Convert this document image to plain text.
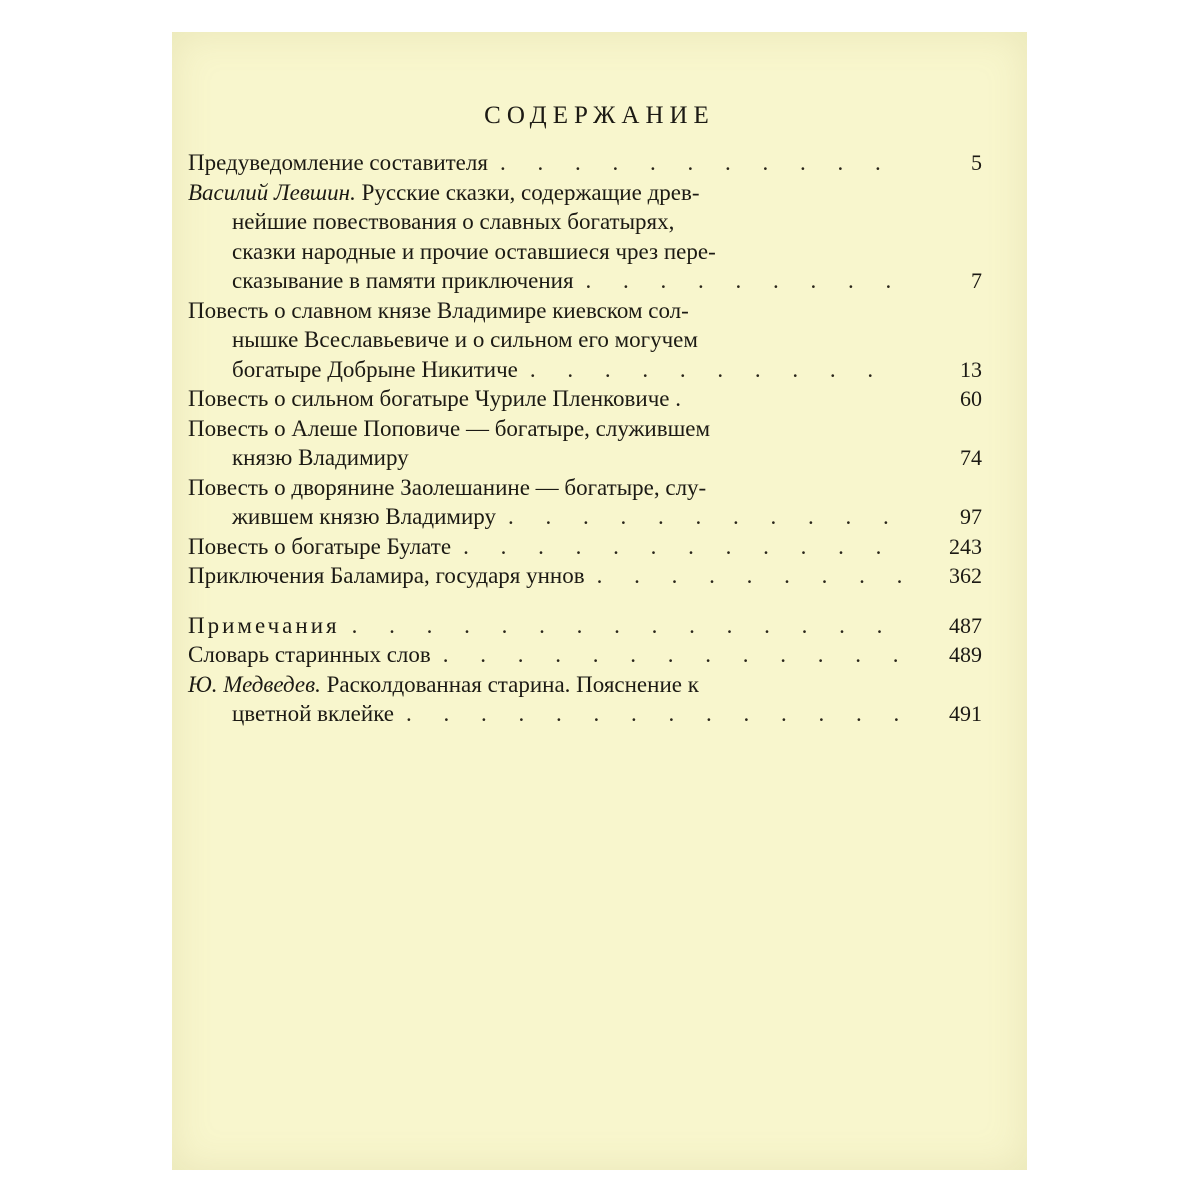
СОДЕРЖАНИЕ
Предуведомление составителя . . .	5
Василий Левшин. Русские сказки, содержащие древ-
нейшие повествования о славных богатырях,
сказки народные и прочие оставшиеся чрез пере-
сказывание в памяти приключения . . .	7
Повесть о славном князе Владимире киевском сол-
нышке Всеславьевиче и о сильном его могучем
богатыре Добрыне Никитиче . . .	13
Повесть о сильном богатыре Чуриле Пленковиче .	60
Повесть о Алеше Поповиче — богатыре, служившем
князю Владимиру	74
Повесть о дворянине Заолешанине — богатыре, слу-
жившем князю Владимиру . . .	97
Повесть о богатыре Булате . . .	243
Приключения Баламира, государя уннов . . .	362
Примечания . . .	487
Словарь старинных слов . . .	489
Ю. Медведев. Расколдованная старина. Пояснение к
цветной вклейке . . .	491
